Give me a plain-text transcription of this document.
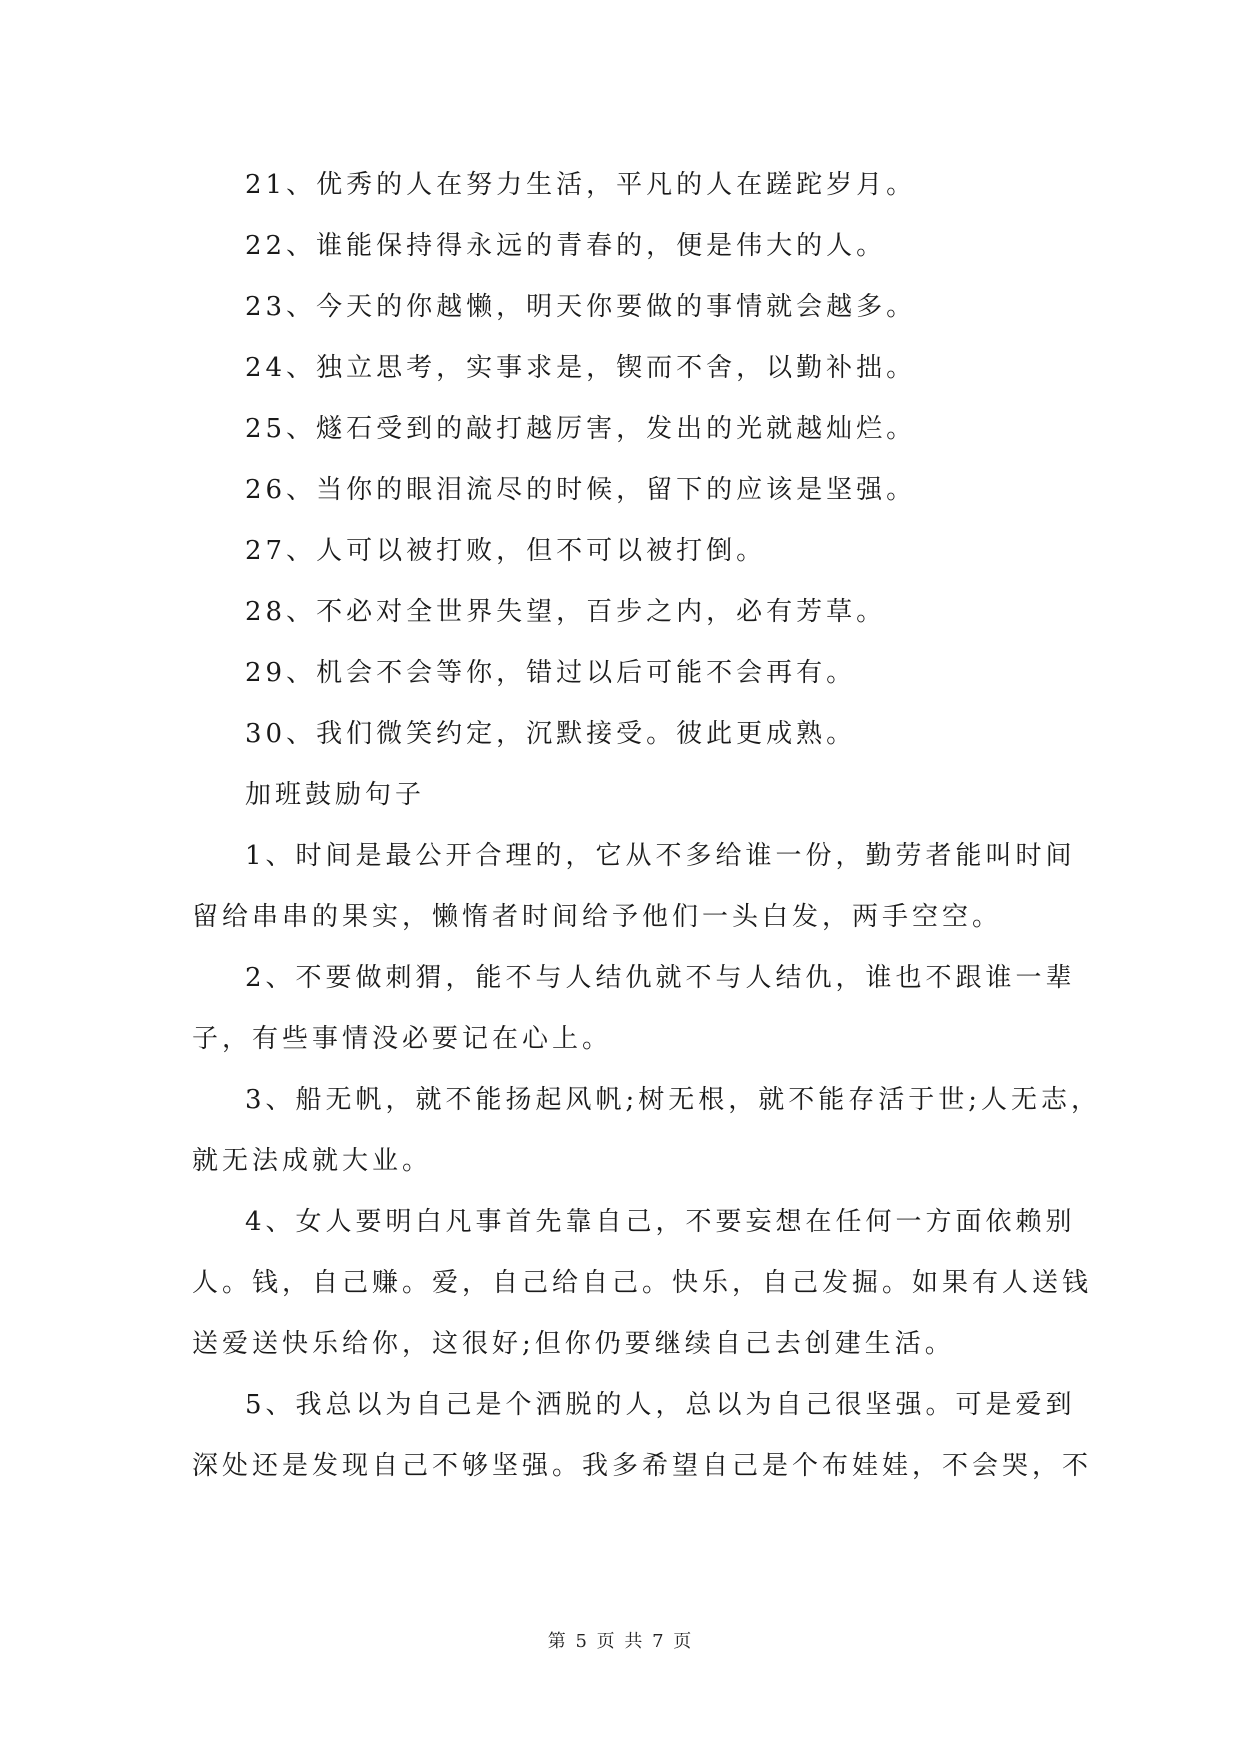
21、优秀的人在努力生活，平凡的人在蹉跎岁月。
22、谁能保持得永远的青春的，便是伟大的人。
23、今天的你越懒，明天你要做的事情就会越多。
24、独立思考，实事求是，锲而不舍，以勤补拙。
25、燧石受到的敲打越厉害，发出的光就越灿烂。
26、当你的眼泪流尽的时候，留下的应该是坚强。
27、人可以被打败，但不可以被打倒。
28、不必对全世界失望，百步之内，必有芳草。
29、机会不会等你，错过以后可能不会再有。
30、我们微笑约定，沉默接受。彼此更成熟。
加班鼓励句子
1、时间是最公开合理的，它从不多给谁一份，勤劳者能叫时间
留给串串的果实，懒惰者时间给予他们一头白发，两手空空。
2、不要做刺猬，能不与人结仇就不与人结仇，谁也不跟谁一辈
子，有些事情没必要记在心上。
3、船无帆，就不能扬起风帆;树无根，就不能存活于世;人无志，
就无法成就大业。
4、女人要明白凡事首先靠自己，不要妄想在任何一方面依赖别
人。钱，自己赚。爱，自己给自己。快乐，自己发掘。如果有人送钱
送爱送快乐给你，这很好;但你仍要继续自己去创建生活。
5、我总以为自己是个洒脱的人，总以为自己很坚强。可是爱到
深处还是发现自己不够坚强。我多希望自己是个布娃娃，不会哭，不
第 5 页 共 7 页
